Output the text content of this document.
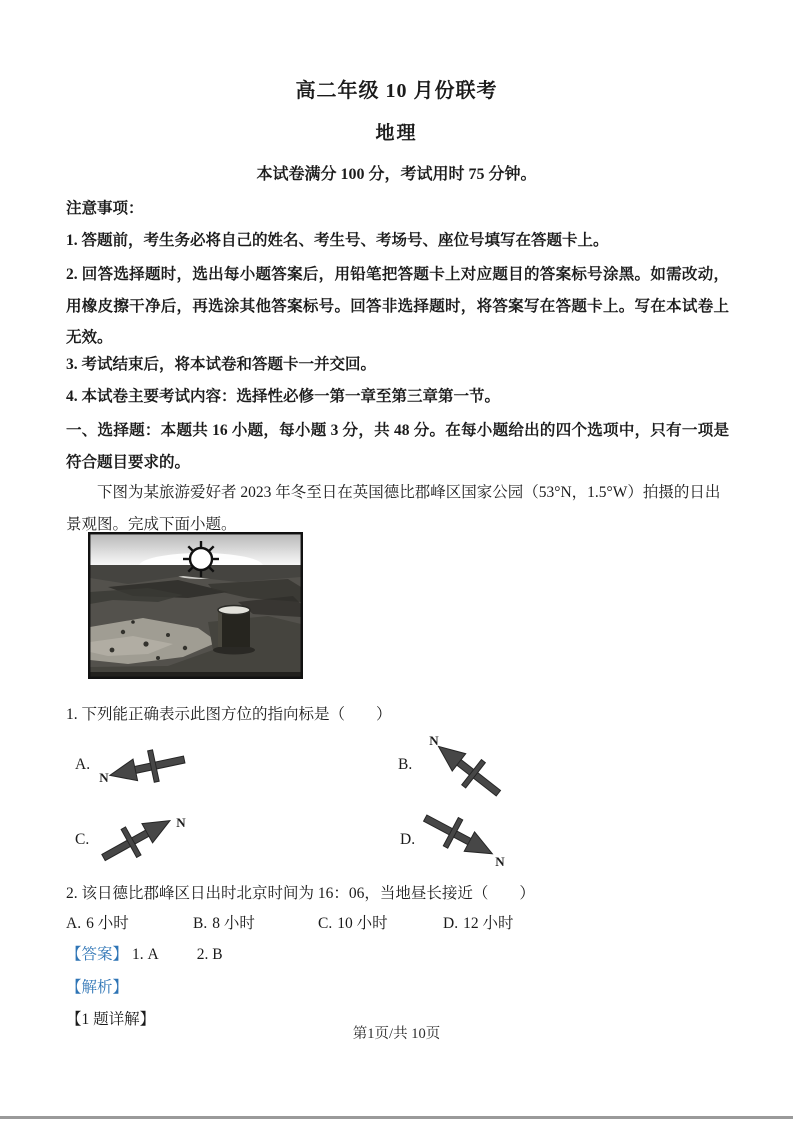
高二年级 10 月份联考
地理
本试卷满分 100 分，考试用时 75 分钟。
注意事项：
1. 答题前，考生务必将自己的姓名、考生号、考场号、座位号填写在答题卡上。
2. 回答选择题时，选出每小题答案后，用铅笔把答题卡上对应题目的答案标号涂黑。如需改动，用橡皮擦干净后，再选涂其他答案标号。回答非选择题时，将答案写在答题卡上。写在本试卷上无效。
3. 考试结束后，将本试卷和答题卡一并交回。
4. 本试卷主要考试内容：选择性必修一第一章至第三章第一节。
一、选择题：本题共 16 小题，每小题 3 分，共 48 分。在每小题给出的四个选项中，只有一项是符合题目要求的。
下图为某旅游爱好者 2023 年冬至日在英国德比郡峰区国家公园（53°N，1.5°W）拍摄的日出景观图。完成下面小题。
1. 下列能正确表示此图方位的指向标是（　　）
A.
N
B.
N
C.
N
D.
N
2. 该日德比郡峰区日出时北京时间为 16：06，当地昼长接近（　　）
A. 6 小时	B. 8 小时	C. 10 小时	D. 12 小时
【答案】 1. A 2. B
【解析】
【1 题详解】
第1页/共 10页
